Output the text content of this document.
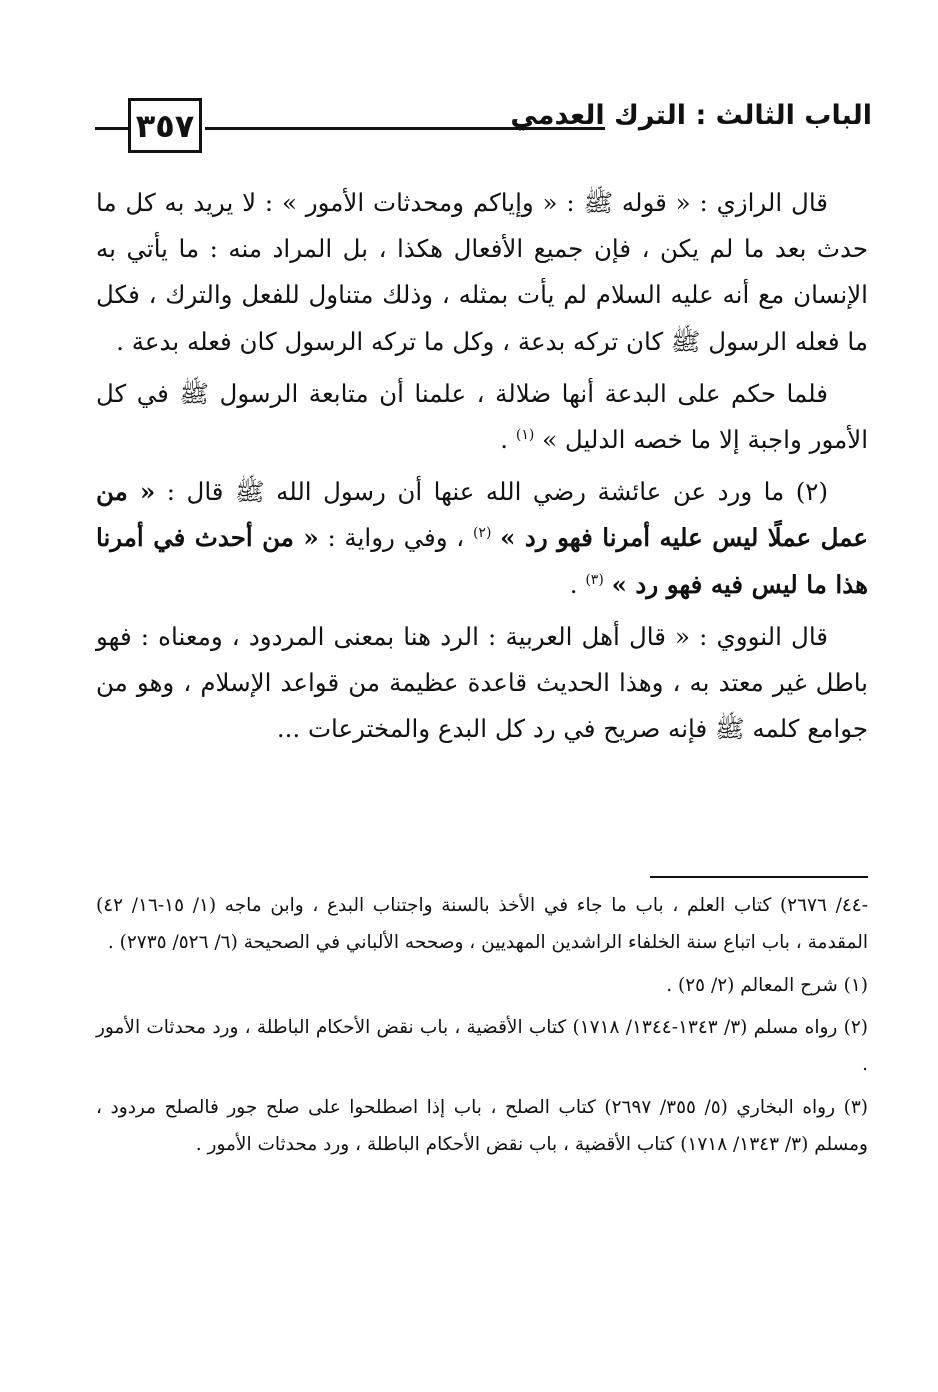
٣٥٧	الباب الثالث : الترك العدمي

قال الرازي : « قوله ﷺ : « وإياكم ومحدثات الأمور » : لا يريد به كل ما حدث بعد ما لم يكن ، فإن جميع الأفعال هكذا ، بل المراد منه : ما يأتي به الإنسان مع أنه عليه السلام لم يأت بمثله ، وذلك متناول للفعل والترك ، فكل ما فعله الرسول ﷺ كان تركه بدعة ، وكل ما تركه الرسول كان فعله بدعة .

فلما حكم على البدعة أنها ضلالة ، علمنا أن متابعة الرسول ﷺ في كل الأمور واجبة إلا ما خصه الدليل » $^{(١)}$ .

(٢) ما ورد عن عائشة رضي الله عنها أن رسول الله ﷺ قال : « من عمل عملًا ليس عليه أمرنا فهو رد » $^{(٢)}$ ، وفي رواية : « من أحدث في أمرنا هذا ما ليس فيه فهو رد » $^{(٣)}$ .

قال النووي : « قال أهل العربية : الرد هنا بمعنى المردود ، ومعناه : فهو باطل غير معتد به ، وهذا الحديث قاعدة عظيمة من قواعد الإسلام ، وهو من جوامع كلمه ﷺ فإنه صريح في رد كل البدع والمخترعات ...

-٤٤/ ٢٦٧٦) كتاب العلم ، باب ما جاء في الأخذ بالسنة واجتناب البدع ، وابن ماجه (١/ ١٥-١٦/ ٤٢) المقدمة ، باب اتباع سنة الخلفاء الراشدين المهديين ، وصححه الألباني في الصحيحة (٦/ ٥٢٦/ ٢٧٣٥) .

(١) شرح المعالم (٢/ ٢٥) .

(٢) رواه مسلم (٣/ ١٣٤٣-١٣٤٤/ ١٧١٨) كتاب الأقضية ، باب نقض الأحكام الباطلة ، ورد محدثات الأمور .

(٣) رواه البخاري (٥/ ٣٥٥/ ٢٦٩٧) كتاب الصلح ، باب إذا اصطلحوا على صلح جور فالصلح مردود ، ومسلم (٣/ ١٣٤٣/ ١٧١٨) كتاب الأقضية ، باب نقض الأحكام الباطلة ، ورد محدثات الأمور .
